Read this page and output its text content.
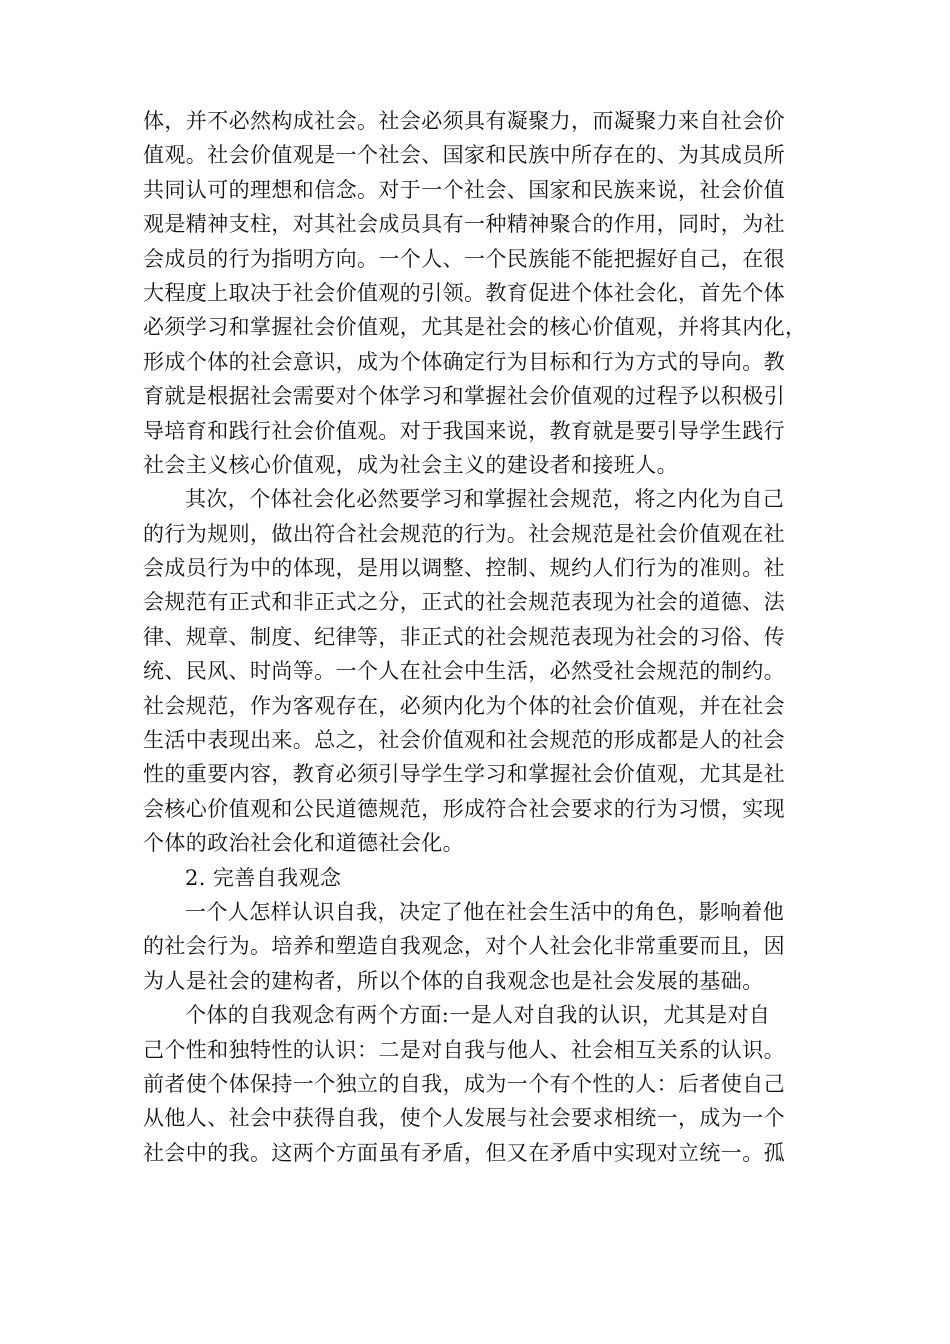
体，并不必然构成社会。社会必须具有凝聚力，而凝聚力来自社会价
值观。社会价值观是一个社会、国家和民族中所存在的、为其成员所
共同认可的理想和信念。对于一个社会、国家和民族来说，社会价值
观是精神支柱，对其社会成员具有一种精神聚合的作用，同时，为社
会成员的行为指明方向。一个人、一个民族能不能把握好自己，在很
大程度上取决于社会价值观的引领。教育促进个体社会化，首先个体
必须学习和掌握社会价值观，尤其是社会的核心价值观，并将其内化，
形成个体的社会意识，成为个体确定行为目标和行为方式的导向。教
育就是根据社会需要对个体学习和掌握社会价值观的过程予以积极引
导培育和践行社会价值观。对于我国来说，教育就是要引导学生践行
社会主义核心价值观，成为社会主义的建设者和接班人。
其次，个体社会化必然要学习和掌握社会规范，将之内化为自己
的行为规则，做出符合社会规范的行为。社会规范是社会价值观在社
会成员行为中的体现，是用以调整、控制、规约人们行为的准则。社
会规范有正式和非正式之分，正式的社会规范表现为社会的道德、法
律、规章、制度、纪律等，非正式的社会规范表现为社会的习俗、传
统、民风、时尚等。一个人在社会中生活，必然受社会规范的制约。
社会规范，作为客观存在，必须内化为个体的社会价值观，并在社会
生活中表现出来。总之，社会价值观和社会规范的形成都是人的社会
性的重要内容，教育必须引导学生学习和掌握社会价值观，尤其是社
会核心价值观和公民道德规范，形成符合社会要求的行为习惯，实现
个体的政治社会化和道德社会化。
2. 完善自我观念
一个人怎样认识自我，决定了他在社会生活中的角色，影响着他
的社会行为。培养和塑造自我观念，对个人社会化非常重要而且，因
为人是社会的建构者，所以个体的自我观念也是社会发展的基础。
个体的自我观念有两个方面:一是人对自我的认识，尤其是对自
己个性和独特性的认识：二是对自我与他人、社会相互关系的认识。
前者使个体保持一个独立的自我，成为一个有个性的人：后者使自己
从他人、社会中获得自我，使个人发展与社会要求相统一，成为一个
社会中的我。这两个方面虽有矛盾，但又在矛盾中实现对立统一。孤
